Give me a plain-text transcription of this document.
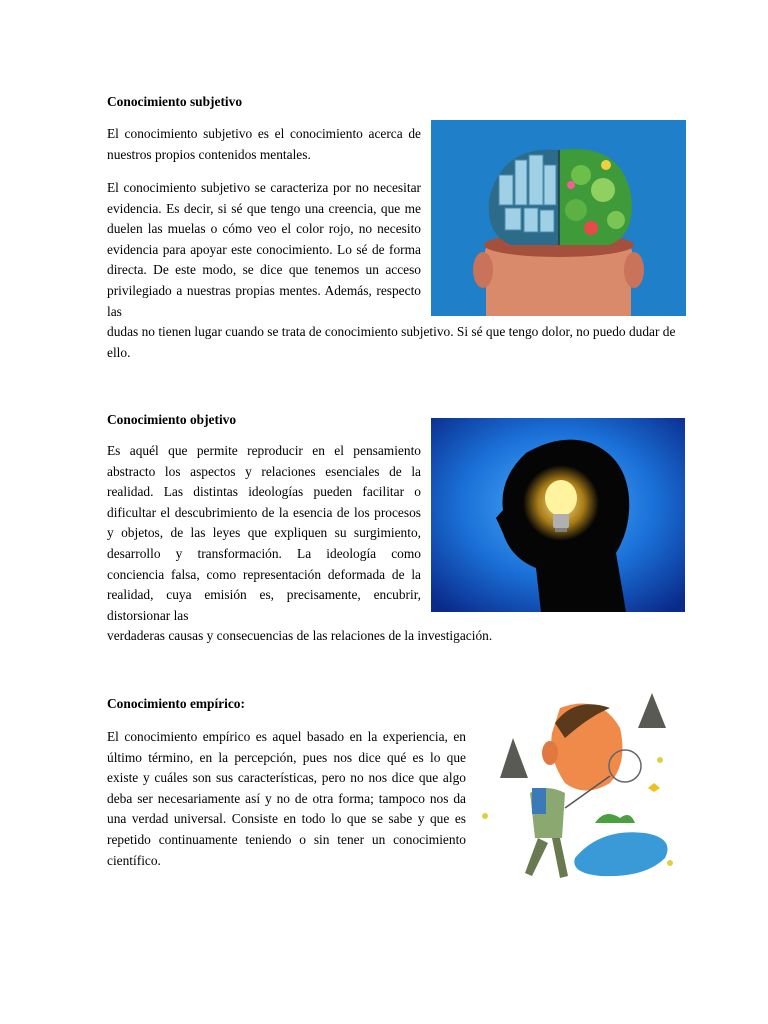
Conocimiento subjetivo

El conocimiento subjetivo es el conocimiento acerca de nuestros propios contenidos mentales.

El conocimiento subjetivo se caracteriza por no necesitar evidencia. Es decir, si sé que tengo una creencia, que me duelen las muelas o cómo veo el color rojo, no necesito evidencia para apoyar este conocimiento. Lo sé de forma directa. De este modo, se dice que tenemos un acceso privilegiado a nuestras propias mentes. Además, respecto las
dudas no tienen lugar cuando se trata de conocimiento subjetivo. Si sé que tengo dolor, no puedo dudar de ello.
Conocimiento objetivo
Es aquél que permite reproducir en el pensamiento abstracto los aspectos y relaciones esenciales de la realidad. Las distintas ideologías pueden facilitar o dificultar el descubrimiento de la esencia de los procesos y objetos, de las leyes que expliquen su surgimiento, desarrollo y transformación. La ideología como conciencia falsa, como representación deformada de la realidad, cuya emisión es, precisamente, encubrir, distorsionar las
verdaderas causas y consecuencias de las relaciones de la investigación.
Conocimiento empírico:

El conocimiento empírico es aquel basado en la experiencia, en último término, en la percepción, pues nos dice qué es lo que existe y cuáles son sus características, pero no nos dice que algo deba ser necesariamente así y no de otra forma; tampoco nos da una verdad universal. Consiste en todo lo que se sabe y que es repetido continuamente teniendo o sin tener un conocimiento científico.
